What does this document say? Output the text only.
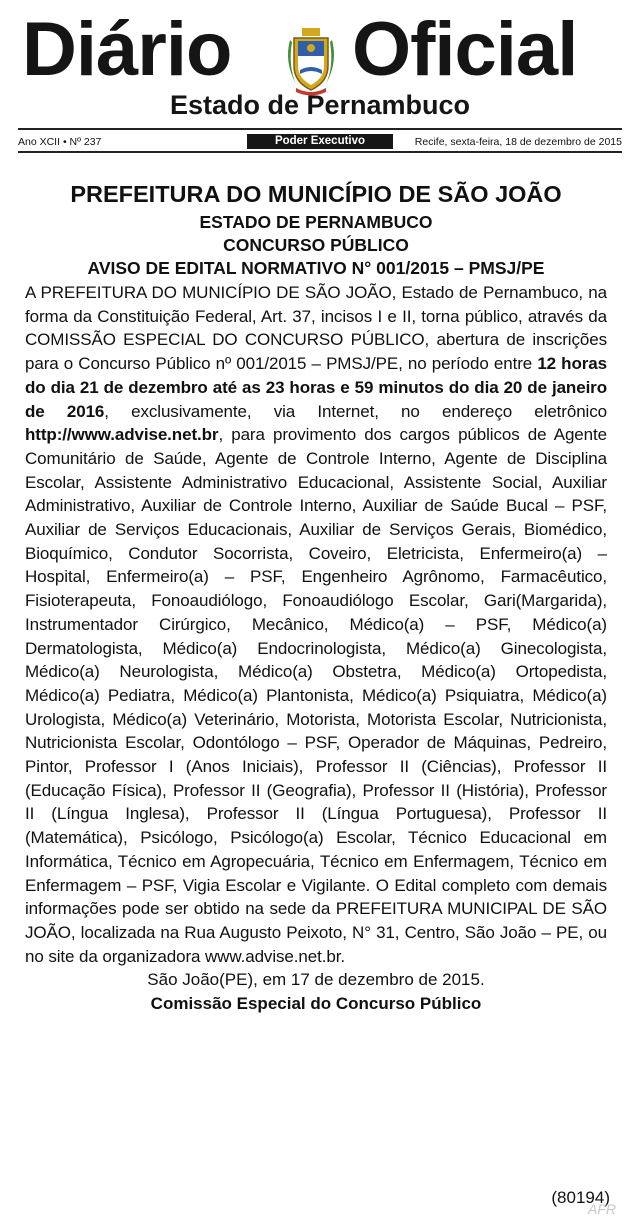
Diário Oficial
Estado de Pernambuco
Ano XCII • Nº 237	Poder Executivo	Recife, sexta-feira, 18 de dezembro de 2015

PREFEITURA DO MUNICÍPIO DE SÃO JOÃO

ESTADO DE PERNAMBUCO

CONCURSO PÚBLICO

AVISO DE EDITAL NORMATIVO N° 001/2015 – PMSJ/PE

A PREFEITURA DO MUNICÍPIO DE SÃO JOÃO, Estado de Pernambuco, na forma da Constituição Federal, Art. 37, incisos I e II, torna público, através da COMISSÃO ESPECIAL DO CONCURSO PÚBLICO, abertura de inscrições para o Concurso Público nº 001/2015 – PMSJ/PE, no período entre 12 horas do dia 21 de dezembro até as 23 horas e 59 minutos do dia 20 de janeiro de 2016, exclusivamente, via Internet, no endereço eletrônico http://www.advise.net.br, para provimento dos cargos públicos de Agente Comunitário de Saúde, Agente de Controle Interno, Agente de Disciplina Escolar, Assistente Administrativo Educacional, Assistente Social, Auxiliar Administrativo, Auxiliar de Controle Interno, Auxiliar de Saúde Bucal – PSF, Auxiliar de Serviços Educacionais, Auxiliar de Serviços Gerais, Biomédico, Bioquímico, Condutor Socorrista, Coveiro, Eletricista, Enfermeiro(a) – Hospital, Enfermeiro(a) – PSF, Engenheiro Agrônomo, Farmacêutico, Fisioterapeuta, Fonoaudiólogo, Fonoaudiólogo Escolar, Gari(Margarida), Instrumentador Cirúrgico, Mecânico, Médico(a) – PSF, Médico(a) Dermatologista, Médico(a) Endocrinologista, Médico(a) Ginecologista, Médico(a) Neurologista, Médico(a) Obstetra, Médico(a) Ortopedista, Médico(a) Pediatra, Médico(a) Plantonista, Médico(a) Psiquiatra, Médico(a) Urologista, Médico(a) Veterinário, Motorista, Motorista Escolar, Nutricionista, Nutricionista Escolar, Odontólogo – PSF, Operador de Máquinas, Pedreiro, Pintor, Professor I (Anos Iniciais), Professor II (Ciências), Professor II (Educação Física), Professor II (Geografia), Professor II (História), Professor II (Língua Inglesa), Professor II (Língua Portuguesa), Professor II (Matemática), Psicólogo, Psicólogo(a) Escolar, Técnico Educacional em Informática, Técnico em Agropecuária, Técnico em Enfermagem, Técnico em Enfermagem – PSF, Vigia Escolar e Vigilante. O Edital completo com demais informações pode ser obtido na sede da PREFEITURA MUNICIPAL DE SÃO JOÃO, localizada na Rua Augusto Peixoto, N° 31, Centro, São João – PE, ou no site da organizadora www.advise.net.br.

São João(PE), em 17 de dezembro de 2015.

Comissão Especial do Concurso Público

(80194)
AFR
